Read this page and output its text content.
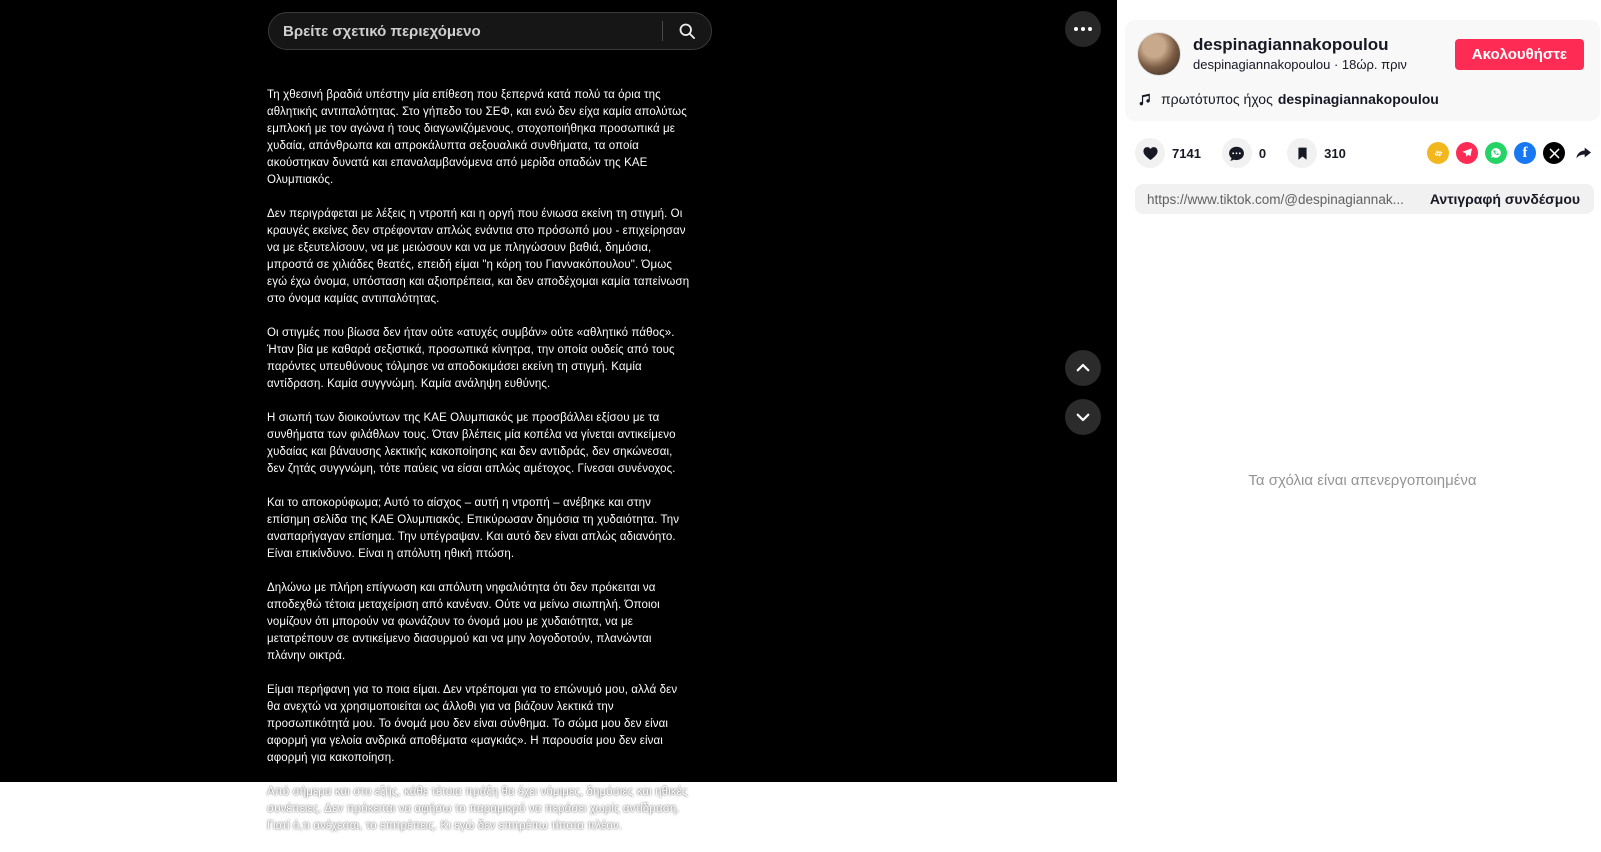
Βρείτε σχετικό περιεχόμενο

Τη χθεσινή βραδιά υπέστην μία επίθεση που ξεπερνά κατά πολύ τα όρια της αθλητικής αντιπαλότητας. Στο γήπεδο του ΣΕΦ, και ενώ δεν είχα καμία απολύτως εμπλοκή με τον αγώνα ή τους διαγωνιζόμενους, στοχοποιήθηκα προσωπικά με χυδαία, απάνθρωπα και απροκάλυπτα σεξουαλικά συνθήματα, τα οποία ακούστηκαν δυνατά και επαναλαμβανόμενα από μερίδα οπαδών της ΚΑΕ Ολυμπιακός.

Δεν περιγράφεται με λέξεις η ντροπή και η οργή που ένιωσα εκείνη τη στιγμή. Οι κραυγές εκείνες δεν στρέφονταν απλώς ενάντια στο πρόσωπό μου - επιχείρησαν να με εξευτελίσουν, να με μειώσουν και να με πληγώσουν βαθιά, δημόσια, μπροστά σε χιλιάδες θεατές, επειδή είμαι "η κόρη του Γιαννακόπουλου". Όμως εγώ έχω όνομα, υπόσταση και αξιοπρέπεια, και δεν αποδέχομαι καμία ταπείνωση στο όνομα καμίας αντιπαλότητας.

Οι στιγμές που βίωσα δεν ήταν ούτε «ατυχές συμβάν» ούτε «αθλητικό πάθος». Ήταν βία με καθαρά σεξιστικά, προσωπικά κίνητρα, την οποία ουδείς από τους παρόντες υπευθύνους τόλμησε να αποδοκιμάσει εκείνη τη στιγμή. Καμία αντίδραση. Καμία συγγνώμη. Καμία ανάληψη ευθύνης.

Η σιωπή των διοικούντων της ΚΑΕ Ολυμπιακός με προσβάλλει εξίσου με τα συνθήματα των φιλάθλων τους. Όταν βλέπεις μία κοπέλα να γίνεται αντικείμενο χυδαίας και βάναυσης λεκτικής κακοποίησης και δεν αντιδράς, δεν σηκώνεσαι, δεν ζητάς συγγνώμη, τότε παύεις να είσαι απλώς αμέτοχος. Γίνεσαι συνένοχος.

Και το αποκορύφωμα; Αυτό το αίσχος – αυτή η ντροπή – ανέβηκε και στην επίσημη σελίδα της ΚΑΕ Ολυμπιακός. Επικύρωσαν δημόσια τη χυδαιότητα. Την αναπαρήγαγαν επίσημα. Την υπέγραψαν. Και αυτό δεν είναι απλώς αδιανόητο. Είναι επικίνδυνο. Είναι η απόλυτη ηθική πτώση.

Δηλώνω με πλήρη επίγνωση και απόλυτη νηφαλιότητα ότι δεν πρόκειται να αποδεχθώ τέτοια μεταχείριση από κανέναν. Ούτε να μείνω σιωπηλή. Όποιοι νομίζουν ότι μπορούν να φωνάζουν το όνομά μου με χυδαιότητα, να με μετατρέπουν σε αντικείμενο διασυρμού και να μην λογοδοτούν, πλανώνται πλάνην οικτρά.

Είμαι περήφανη για το ποια είμαι. Δεν ντρέπομαι για το επώνυμό μου, αλλά δεν θα ανεχτώ να χρησιμοποιείται ως άλλοθι για να βιάζουν λεκτικά την προσωπικότητά μου. Το όνομά μου δεν είναι σύνθημα. Το σώμα μου δεν είναι αφορμή για γελοία ανδρικά αποθέματα «μαγκιάς». Η παρουσία μου δεν είναι αφορμή για κακοποίηση.

Από σήμερα και στο εξής, κάθε τέτοια πράξη θα έχει νόμιμες, δημόσιες και ηθικές συνέπειες. Δεν πρόκειται να αφήσω το παραμικρό να περάσει χωρίς αντίδραση. Γιατί ό,τι ανέχεσαι, το επιτρέπεις. Κι εγώ δεν επιτρέπω τίποτα πλέον.

despinagiannakopoulou
despinagiannakopoulou · 18ώρ. πριν
Ακολουθήστε
πρωτότυπος ήχος despinagiannakopoulou
7141	0	310	f
https://www.tiktok.com/@despinagiannak...	Αντιγραφή συνδέσμου
Τα σχόλια είναι απενεργοποιημένα
